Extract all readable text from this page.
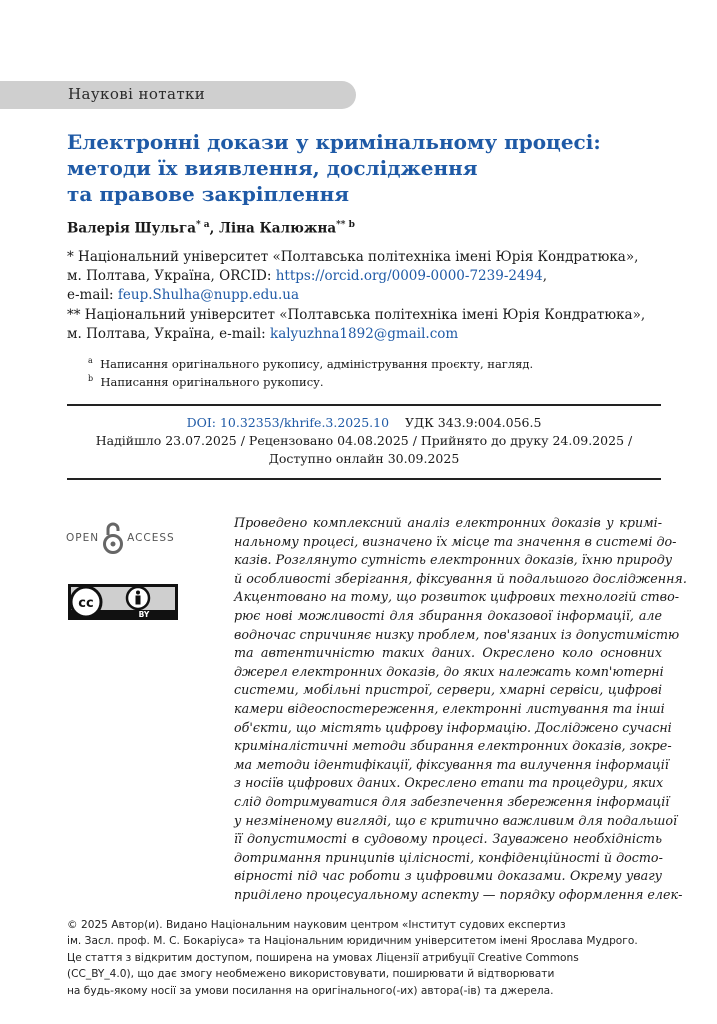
Наукові нотатки
Електронні докази у кримінальному процесі:
методи їх виявлення, дослідження
та правове закріплення
Валерія Шульга$^{* a}$, Ліна Калюжна$^{** b}$
* Національний університет «Полтавська політехніка імені Юрія Кондратюка»,
м. Полтава, Україна, ORCID: https://orcid.org/0009-0000-7239-2494,
e-mail: feup.Shulha@nupp.edu.ua
** Національний університет «Полтавська політехніка імені Юрія Кондратюка»,
м. Полтава, Україна, e-mail: kalyuzhna1892@gmail.com
$^a$ Написання оригінального рукопису, адміністрування проєкту, нагляд.
$^b$ Написання оригінального рукопису.
DOI: 10.32353/khrife.3.2025.10 УДК 343.9:004.056.5
Надійшло 23.07.2025 / Рецензовано 04.08.2025 / Прийнято до друку 24.09.2025 /
Доступно онлайн 30.09.2025
OPEN	ACCESS
cc
BY
Проведено комплексний аналіз електронних доказів у кримі-
нальному процесі, визначено їх місце та значення в системі до-
казів. Розглянуто сутність електронних доказів, їхню природу
й особливості зберігання, фіксування й подальшого дослідження.
Акцентовано на тому, що розвиток цифрових технологій ство-
рює нові можливості для збирання доказової інформації, але
водночас спричиняє низку проблем, пов'язаних із допустимістю
та автентичністю таких даних. Окреслено коло основних
джерел електронних доказів, до яких належать комп'ютерні
системи, мобільні пристрої, сервери, хмарні сервіси, цифрові
камери відеоспостереження, електронні листування та інші
об'єкти, що містять цифрову інформацію. Досліджено сучасні
криміналістичні методи збирання електронних доказів, зокре-
ма методи ідентифікації, фіксування та вилучення інформації
з носіїв цифрових даних. Окреслено етапи та процедури, яких
слід дотримуватися для забезпечення збереження інформації
у незміненому вигляді, що є критично важливим для подальшої
її допустимості в судовому процесі. Зауважено необхідність
дотримання принципів цілісності, конфіденційності й досто-
вірності під час роботи з цифровими доказами. Окрему увагу
приділено процесуальному аспекту — порядку оформлення елек-
© 2025 Автор(и). Видано Національним науковим центром «Інститут судових експертиз
ім. Засл. проф. М. С. Бокаріуса» та Національним юридичним університетом імені Ярослава Мудрого.
Це стаття з відкритим доступом, поширена на умовах Ліцензії атрибуції Creative Commons
(CC_BY_4.0), що дає змогу необмежено використовувати, поширювати й відтворювати
на будь-якому носії за умови посилання на оригінального(-их) автора(-ів) та джерела.
